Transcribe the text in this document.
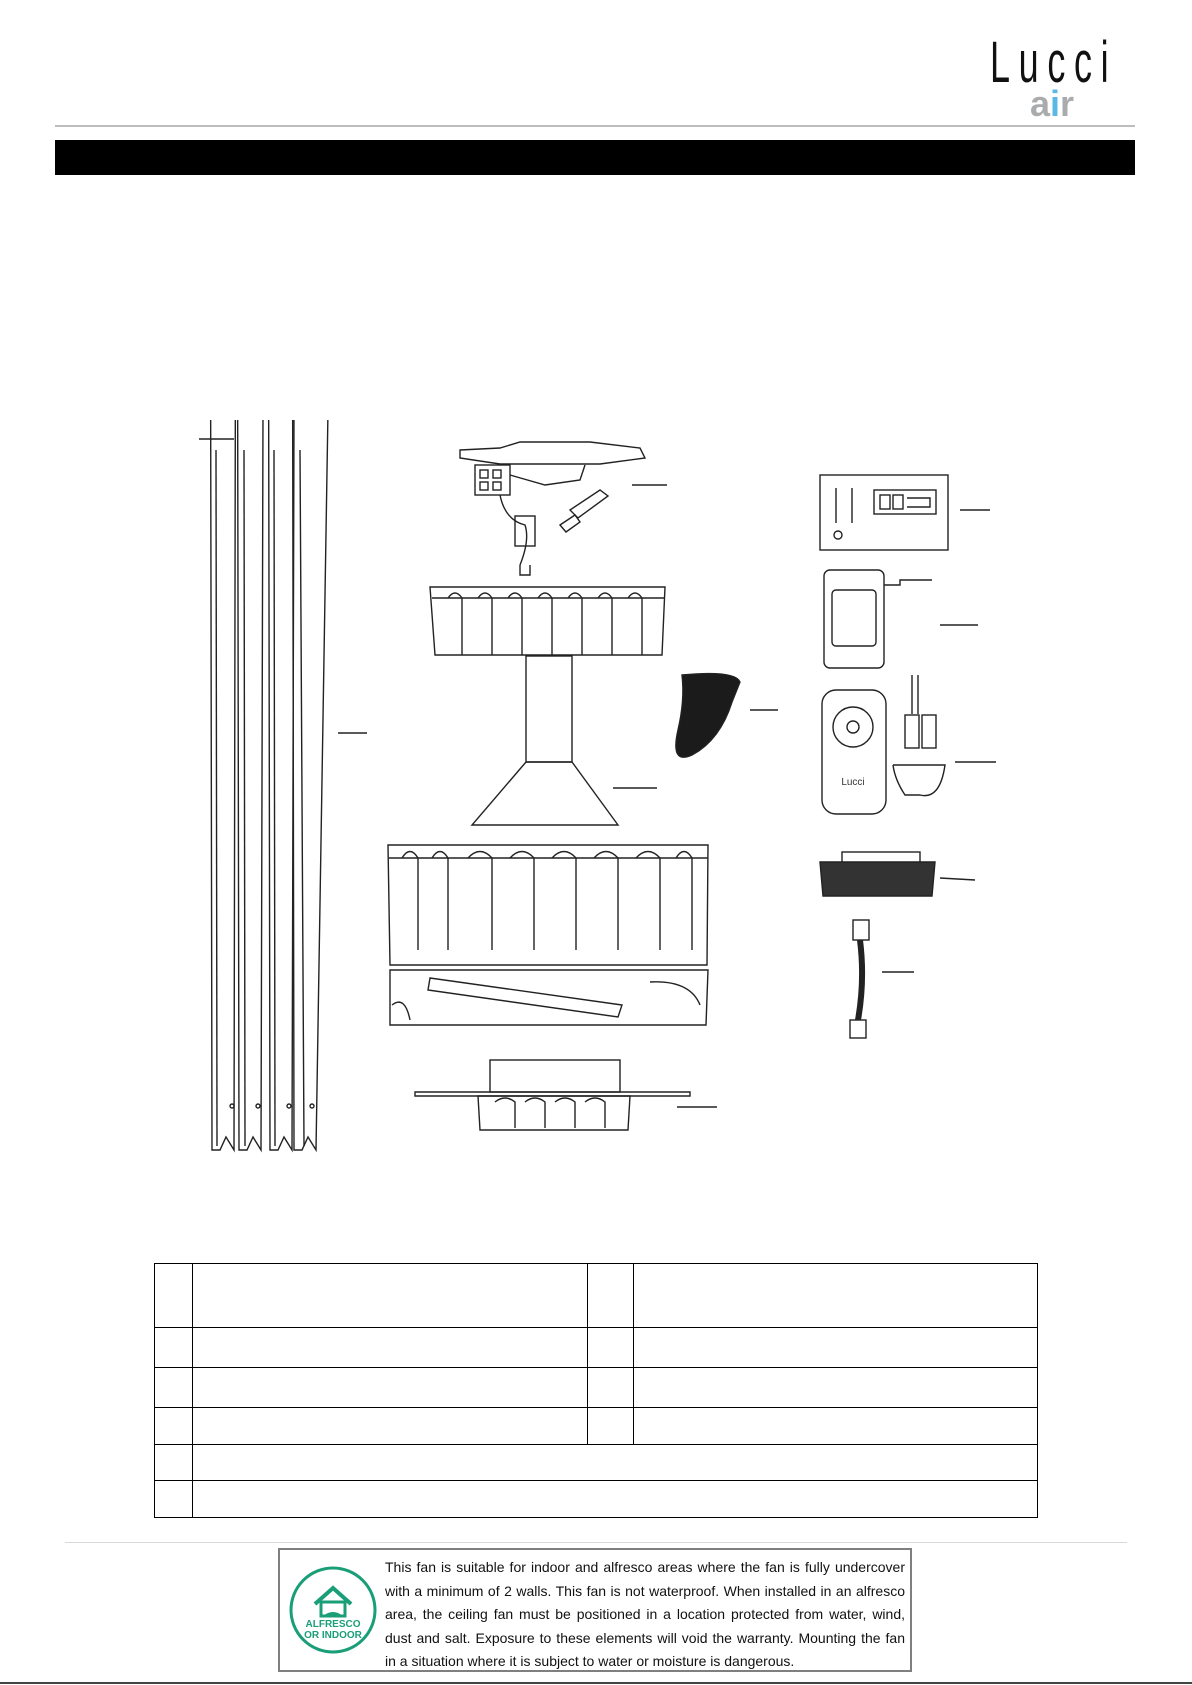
Lucci
air
Lucci

ALFRESCO
OR INDOOR
This fan is suitable for indoor and alfresco areas where the fan is fully undercover with a minimum of 2 walls. This fan is not waterproof. When installed in an alfresco area, the ceiling fan must be positioned in a location protected from water, wind, dust and salt. Exposure to these elements will void the warranty. Mounting the fan in a situation where it is subject to water or moisture is dangerous.
